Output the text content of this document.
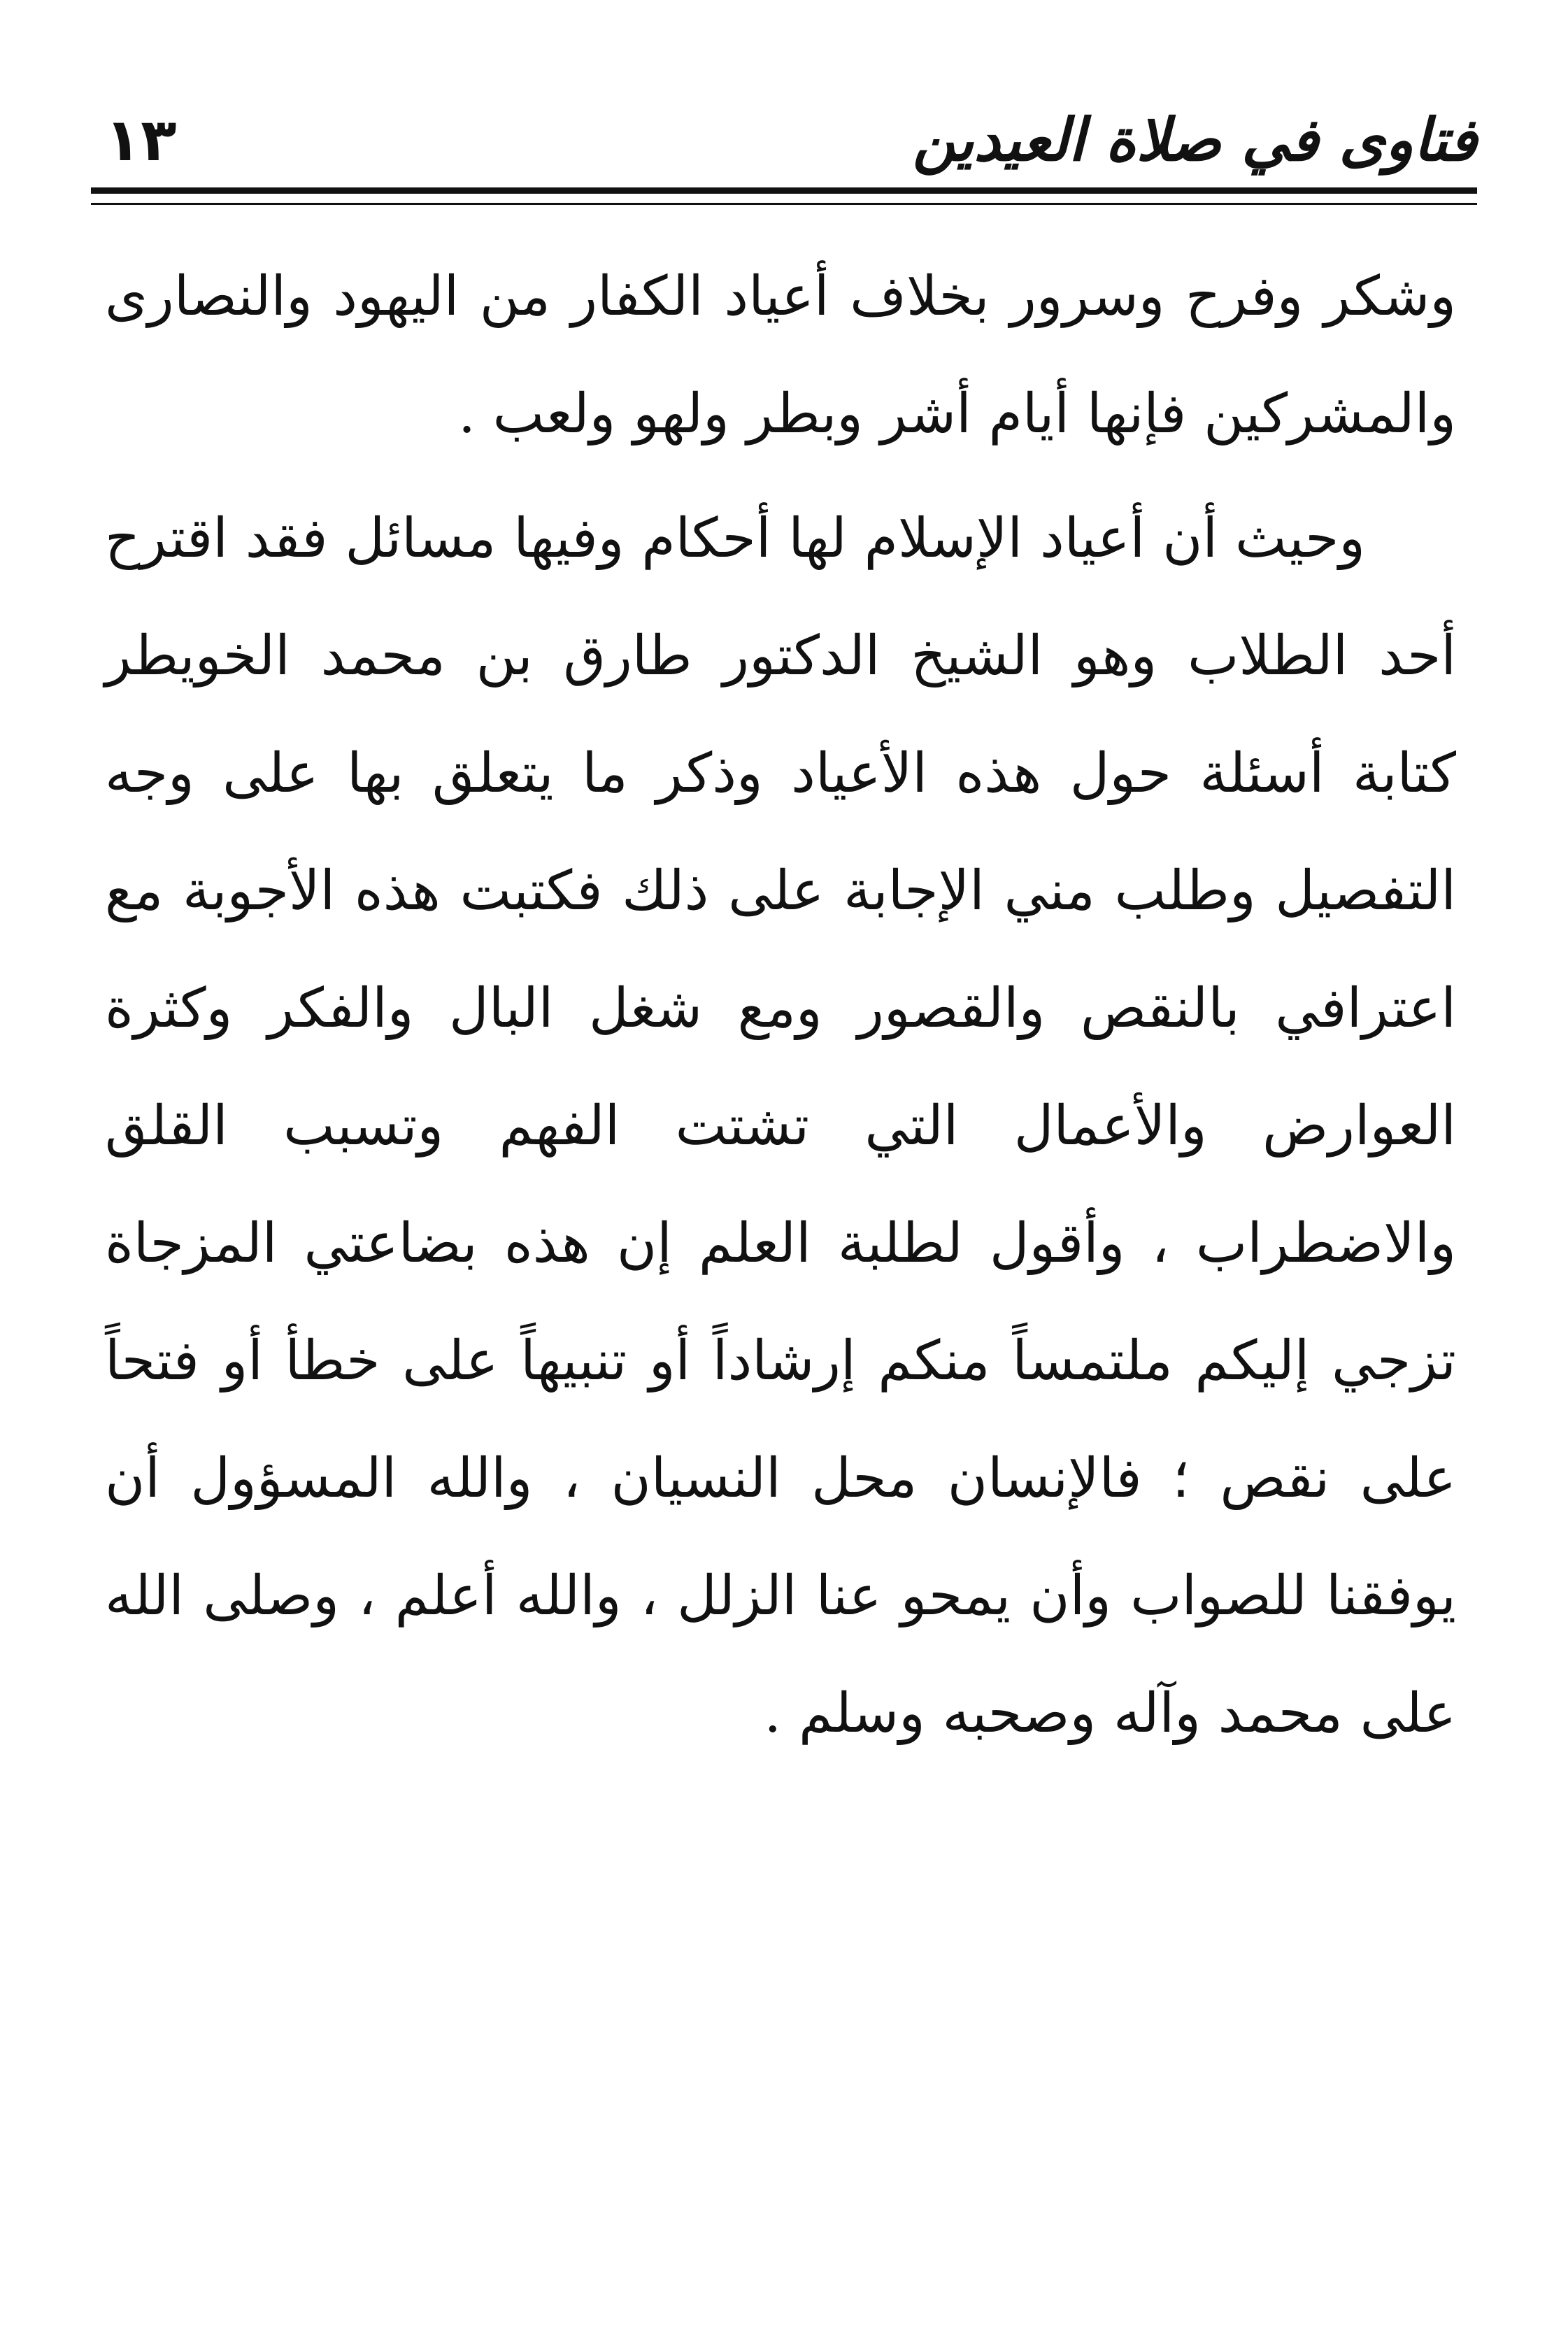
فتاوى في صلاة العيدين
١٣

وشكر وفرح وسرور بخلاف أعياد الكفار من اليهود والنصارى والمشركين فإنها أيام أشر وبطر ولهو ولعب .

وحيث أن أعياد الإسلام لها أحكام وفيها مسائل فقد اقترح أحد الطلاب وهو الشيخ الدكتور طارق بن محمد الخويطر كتابة أسئلة حول هذه الأعياد وذكر ما يتعلق بها على وجه التفصيل وطلب مني الإجابة على ذلك فكتبت هذه الأجوبة مع اعترافي بالنقص والقصور ومع شغل البال والفكر وكثرة العوارض والأعمال التي تشتت الفهم وتسبب القلق والاضطراب ، وأقول لطلبة العلم إن هذه بضاعتي المزجاة تزجي إليكم ملتمساً منكم إرشاداً أو تنبيهاً على خطأ أو فتحاً على نقص ؛ فالإنسان محل النسيان ، والله المسؤول أن يوفقنا للصواب وأن يمحو عنا الزلل ، والله أعلم ، وصلى الله على محمد وآله وصحبه وسلم .
